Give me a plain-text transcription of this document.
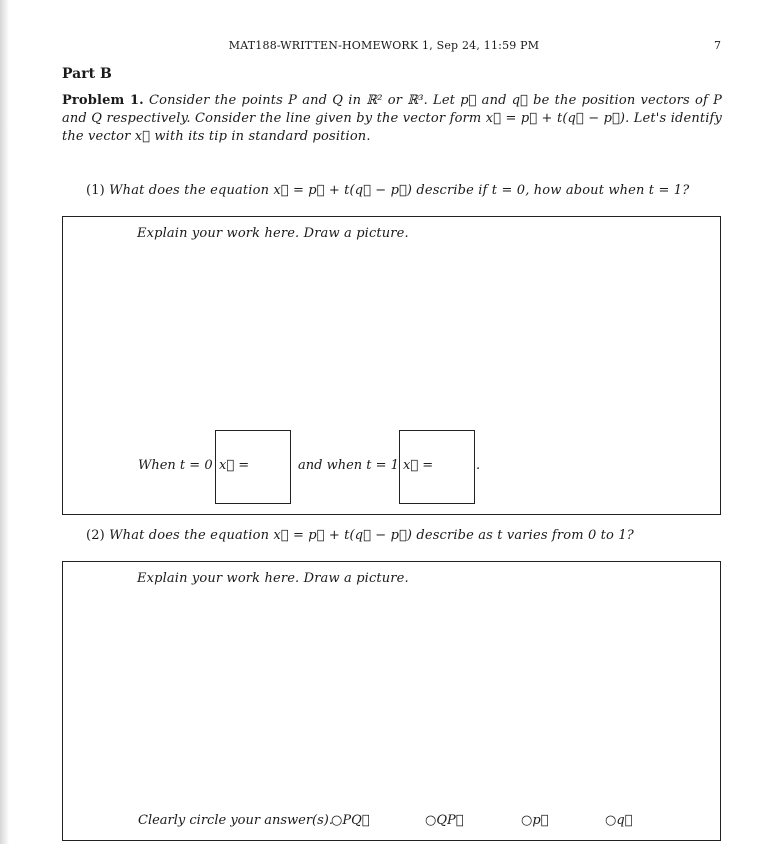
MAT188-WRITTEN-HOMEWORK 1, Sep 24, 11:59 PM	7
Part B
Problem 1. Consider the points P and Q in ℝ² or ℝ³. Let p⃗ and q⃗ be the position vectors of P and Q respectively. Consider the line given by the vector form x⃗ = p⃗ + t(q⃗ − p⃗). Let's identify the vector x⃗ with its tip in standard position.
(1) What does the equation x⃗ = p⃗ + t(q⃗ − p⃗) describe if t = 0, how about when t = 1?
Explain your work here. Draw a picture.
When t = 0 x⃗ =	and when t = 1 x⃗ =	.
(2) What does the equation x⃗ = p⃗ + t(q⃗ − p⃗) describe as t varies from 0 to 1?
Explain your work here. Draw a picture.
Clearly circle your answer(s).
○PQ⃗	○QP⃗	○p⃗	○q⃗
